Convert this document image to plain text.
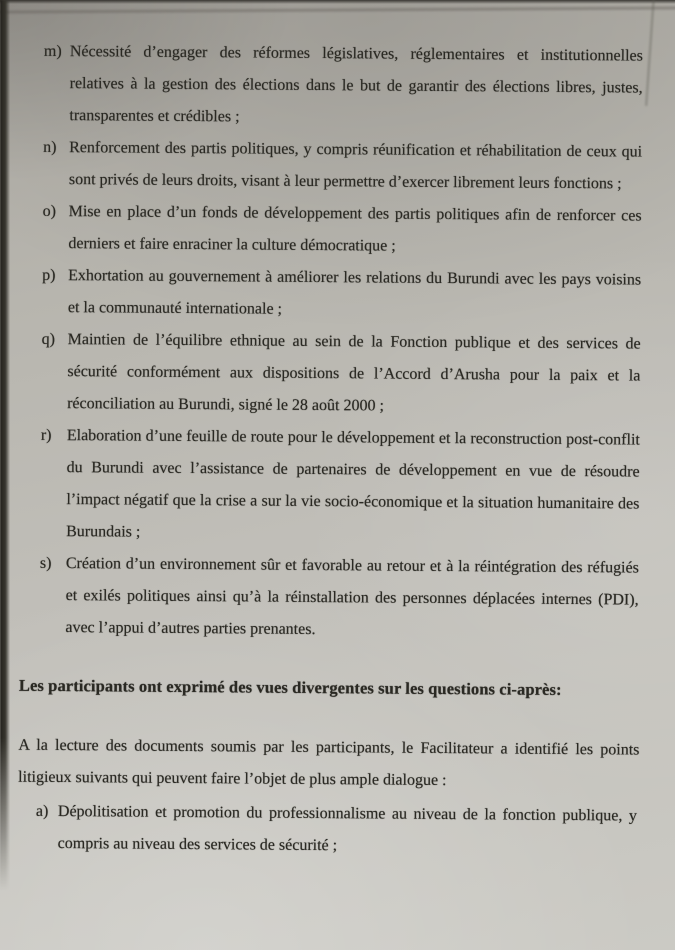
m) Nécessité d’engager des réformes législatives, réglementaires et institutionnelles relatives à la gestion des élections dans le but de garantir des élections libres, justes, transparentes et crédibles ;
n) Renforcement des partis politiques, y compris réunification et réhabilitation de ceux qui sont privés de leurs droits, visant à leur permettre d’exercer librement leurs fonctions ;
o) Mise en place d’un fonds de développement des partis politiques afin de renforcer ces derniers et faire enraciner la culture démocratique ;
p) Exhortation au gouvernement à améliorer les relations du Burundi avec les pays voisins et la communauté internationale ;
q) Maintien de l’équilibre ethnique au sein de la Fonction publique et des services de sécurité conformément aux dispositions de l’Accord d’Arusha pour la paix et la réconciliation au Burundi, signé le 28 août 2000 ;
r) Elaboration d’une feuille de route pour le développement et la reconstruction post-conflit du Burundi avec l’assistance de partenaires de développement en vue de résoudre l’impact négatif que la crise a sur la vie socio-économique et la situation humanitaire des Burundais ;
s) Création d’un environnement sûr et favorable au retour et à la réintégration des réfugiés et exilés politiques ainsi qu’à la réinstallation des personnes déplacées internes (PDI), avec l’appui d’autres parties prenantes.

Les participants ont exprimé des vues divergentes sur les questions ci-après:

A la lecture des documents soumis par les participants, le Facilitateur a identifié les points litigieux suivants qui peuvent faire l’objet de plus ample dialogue :

a) Dépolitisation et promotion du professionnalisme au niveau de la fonction publique, y compris au niveau des services de sécurité ;
